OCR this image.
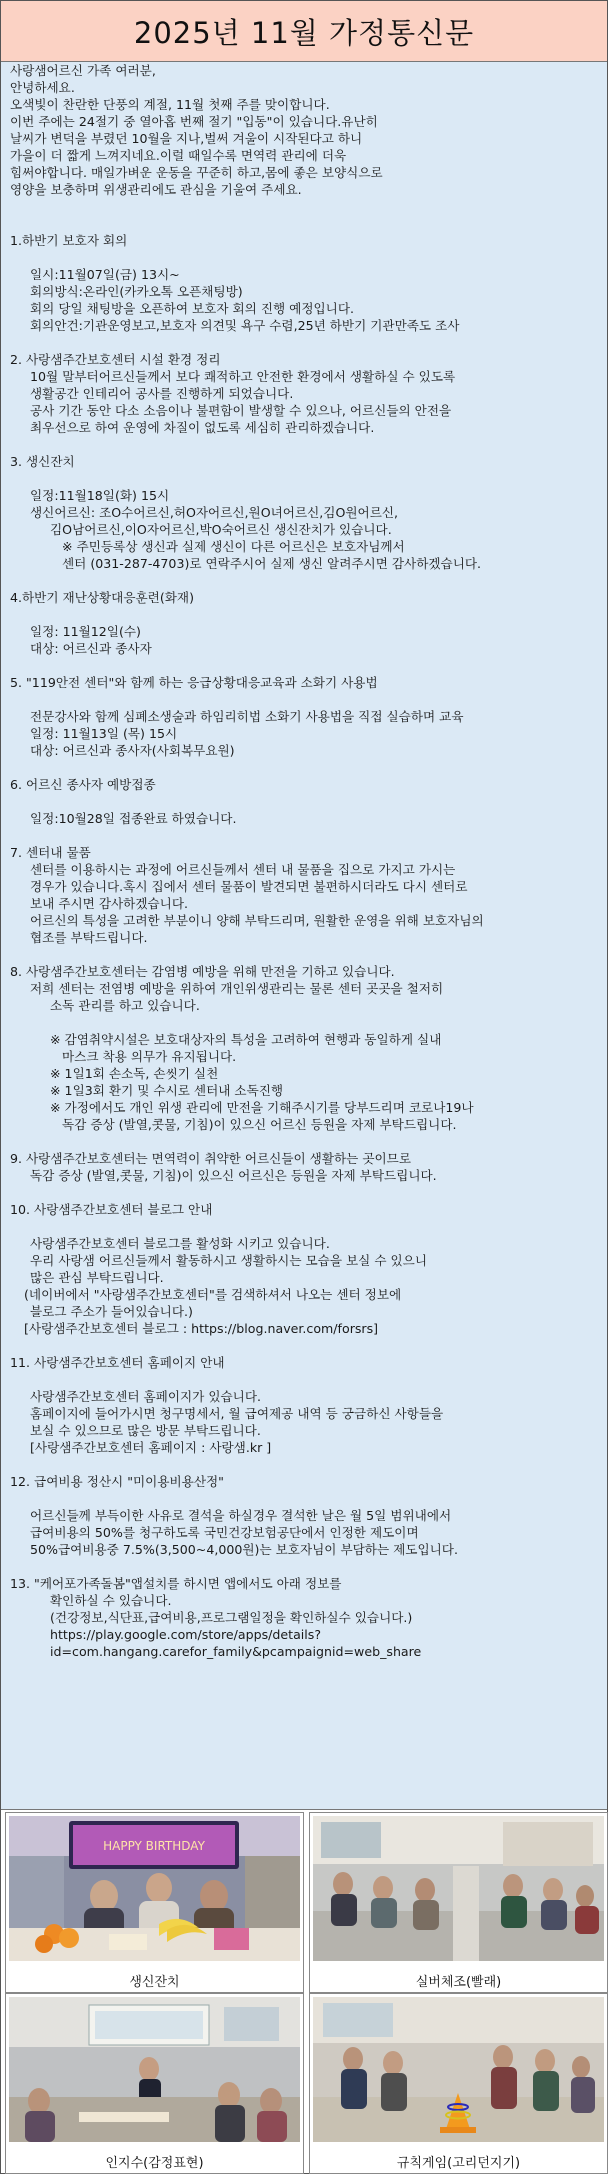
2025년 11월 가정통신문
사랑샘어르신 가족 여러분,
안녕하세요.
오색빛이 찬란한 단풍의 계절, 11월 첫째 주를 맞이합니다.
이번 주에는 24절기 중 열아홉 번째 절기 "입동"이 있습니다.유난히
날씨가 변덕을 부렸던 10월을 지나,벌써 겨울이 시작된다고 하니
가을이 더 짧게 느껴지네요.이럴 때일수록 면역력 관리에 더욱
힘써야합니다. 매일가벼운 운동을 꾸준히 하고,몸에 좋은 보양식으로
영양을 보충하며 위생관리에도 관심을 기울여 주세요.
1.하반기 보호자 회의
일시:11월07일(금) 13시~
회의방식:온라인(카카오톡 오픈채팅방)
회의 당일 채팅방을 오픈하여 보호자 회의 진행 예정입니다.
회의안건:기관운영보고,보호자 의견및 욕구 수렴,25년 하반기 기관만족도 조사
2. 사랑샘주간보호센터 시설 환경 정리
10월 말부터어르신들께서 보다 쾌적하고 안전한 환경에서 생활하실 수 있도록
생활공간 인테리어 공사를 진행하게 되었습니다.
공사 기간 동안 다소 소음이나 불편함이 발생할 수 있으나, 어르신들의 안전을
최우선으로 하여 운영에 차질이 없도록 세심히 관리하겠습니다.
3. 생신잔치
일정:11월18일(화) 15시
생신어르신: 조O수어르신,허O자어르신,원O녀어르신,김O원어르신,
김O남어르신,이O자어르신,박O숙어르신 생신잔치가 있습니다.
※ 주민등록상 생신과 실제 생신이 다른 어르신은 보호자님께서
센터 (031-287-4703)로 연락주시어 실제 생신 알려주시면 감사하겠습니다.
4.하반기 재난상황대응훈련(화재)
일정: 11월12일(수)
대상: 어르신과 종사자
5. "119안전 센터"와 함께 하는 응급상황대응교육과 소화기 사용법
전문강사와 함께 심폐소생술과 하임리히법 소화기 사용법을 직접 실습하며 교육
일정: 11월13일 (목) 15시
대상: 어르신과 종사자(사회복무요원)
6. 어르신 종사자 예방접종
일정:10월28일 접종완료 하였습니다.
7. 센터내 물품
센터를 이용하시는 과정에 어르신들께서 센터 내 물품을 집으로 가지고 가시는
경우가 있습니다.혹시 집에서 센터 물품이 발견되면 불편하시더라도 다시 센터로
보내 주시면 감사하겠습니다.
어르신의 특성을 고려한 부분이니 양해 부탁드리며, 원활한 운영을 위해 보호자님의
협조를 부탁드립니다.
8. 사랑샘주간보호센터는 감염병 예방을 위해 만전을 기하고 있습니다.
저희 센터는 전염병 예방을 위하여 개인위생관리는 물론 센터 곳곳을 철저히
소독 관리를 하고 있습니다.
※ 감염취약시설은 보호대상자의 특성을 고려하여 현행과 동일하게 실내
마스크 착용 의무가 유지됩니다.
※ 1일1회 손소독, 손씻기 실천
※ 1일3회 환기 및 수시로 센터내 소독진행
※ 가정에서도 개인 위생 관리에 만전을 기해주시기를 당부드리며 코로나19나
독감 증상 (발열,콧물, 기침)이 있으신 어르신 등원을 자제 부탁드립니다.
9. 사랑샘주간보호센터는 면역력이 취약한 어르신들이 생활하는 곳이므로
독감 증상 (발열,콧물, 기침)이 있으신 어르신은 등원을 자제 부탁드립니다.
10. 사랑샘주간보호센터 블로그 안내
사랑샘주간보호센터 블로그를 활성화 시키고 있습니다.
우리 사랑샘 어르신들께서 활동하시고 생활하시는 모습을 보실 수 있으니
많은 관심 부탁드립니다.
(네이버에서 "사랑샘주간보호센터"를 검색하셔서 나오는 센터 정보에
블로그 주소가 들어있습니다.)
[사랑샘주간보호센터 블로그 : https://blog.naver.com/forsrs]
11. 사랑샘주간보호센터 홈페이지 안내
사랑샘주간보호센터 홈페이지가 있습니다.
홈페이지에 들어가시면 청구명세서, 월 급여제공 내역 등 궁금하신 사항들을
보실 수 있으므로 많은 방문 부탁드립니다.
[사랑샘주간보호센터 홈페이지 : 사랑샘.kr ]
12. 급여비용 정산시 "미이용비용산정"
어르신들께 부득이한 사유로 결석을 하실경우 결석한 날은 월 5일 범위내에서
급여비용의 50%를 청구하도록 국민건강보험공단에서 인정한 제도이며
50%급여비용중 7.5%(3,500~4,000원)는 보호자님이 부담하는 제도입니다.
13. "케어포가족돌봄"앱설치를 하시면 앱에서도 아래 정보를
확인하실 수 있습니다.
(건강정보,식단표,급여비용,프로그램일정을 확인하실수 있습니다.)
https://play.google.com/store/apps/details?
id=com.hangang.carefor_family&pcampaignid=web_share
HAPPY BIRTHDAY
생신잔치	실버체조(빨래)
인지수(감정표현)	규칙게임(고리던지기)
